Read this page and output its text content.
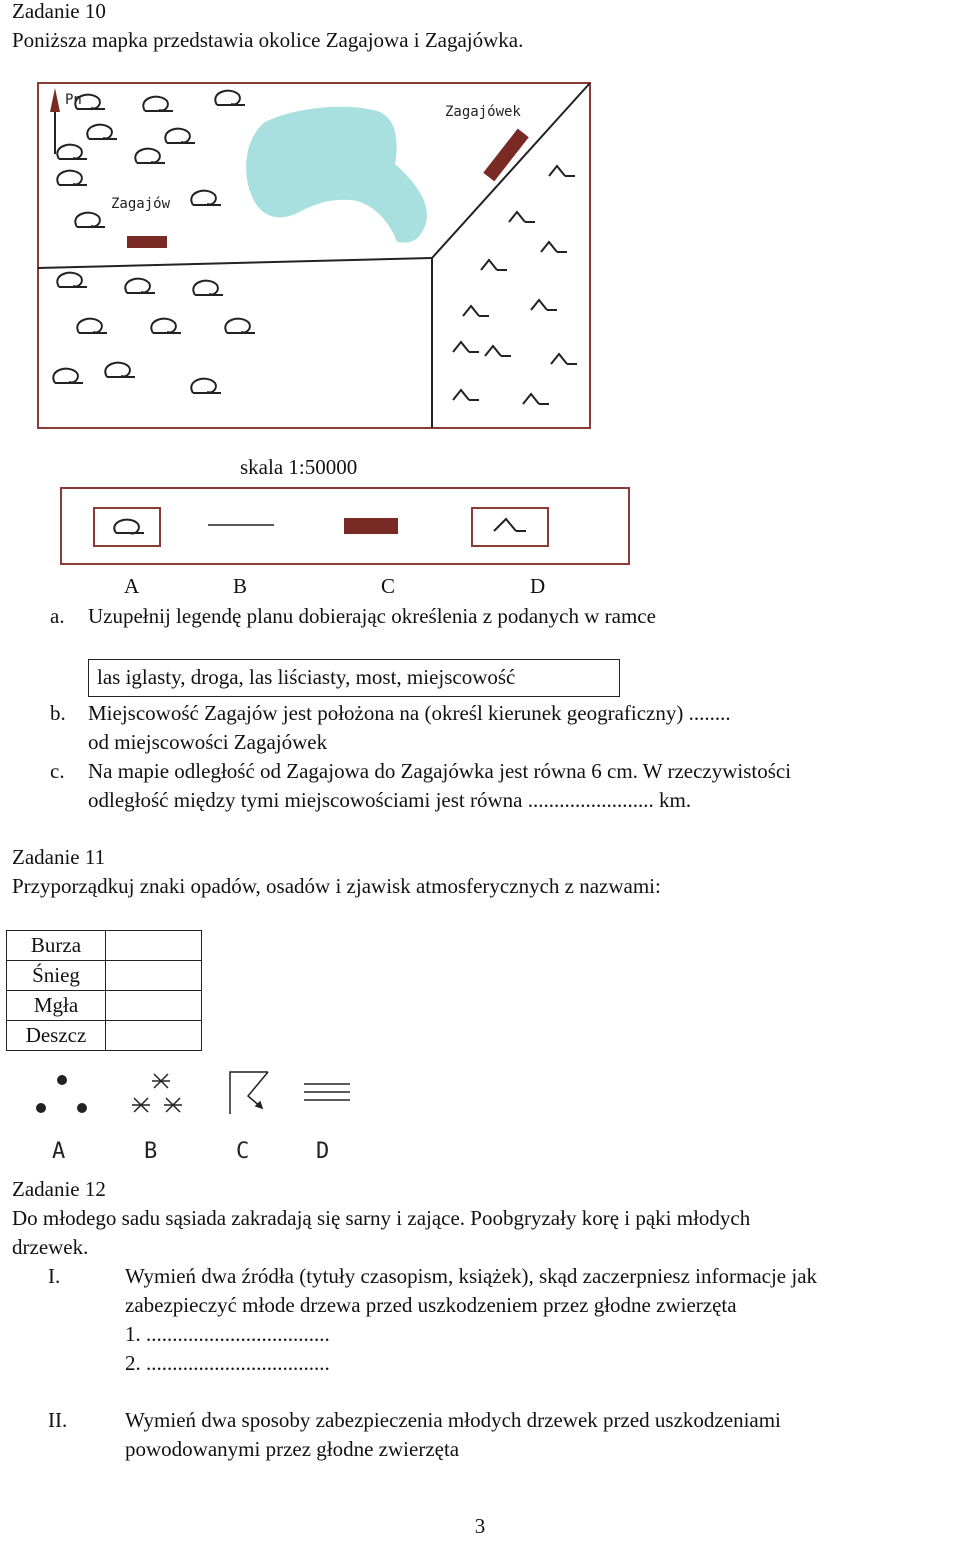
Zadanie 10
Poniższa mapka przedstawia okolice Zagajowa i Zagajówka.
Pn
Zagajów
Zagajówek
skala 1:50000
A	B	C	D
a. Uzupełnij legendę planu dobierając określenia z podanych w ramce
las iglasty, droga, las liściasty, most, miejscowość
b. Miejscowość Zagajów jest położona na (określ kierunek geograficzny) ........
od miejscowości Zagajówek
c. Na mapie odległość od Zagajowa do Zagajówka jest równa 6 cm. W rzeczywistości
odległość między tymi miejscowościami jest równa ........................ km.
Zadanie 11
Przyporządkuj znaki opadów, osadów i zjawisk atmosferycznych z nazwami:
Burza	
Śnieg	
Mgła	
Deszcz	
A	B	C	D
Zadanie 12
Do młodego sadu sąsiada zakradają się sarny i zające. Poobgryzały korę i pąki młodych
drzewek.
I.	Wymień dwa źródła (tytuły czasopism, książek), skąd zaczerpniesz informacje jak
zabezpieczyć młode drzewa przed uszkodzeniem przez głodne zwierzęta
1. ...................................
2. ...................................
II.	Wymień dwa sposoby zabezpieczenia młodych drzewek przed uszkodzeniami
powodowanymi przez głodne zwierzęta
3
